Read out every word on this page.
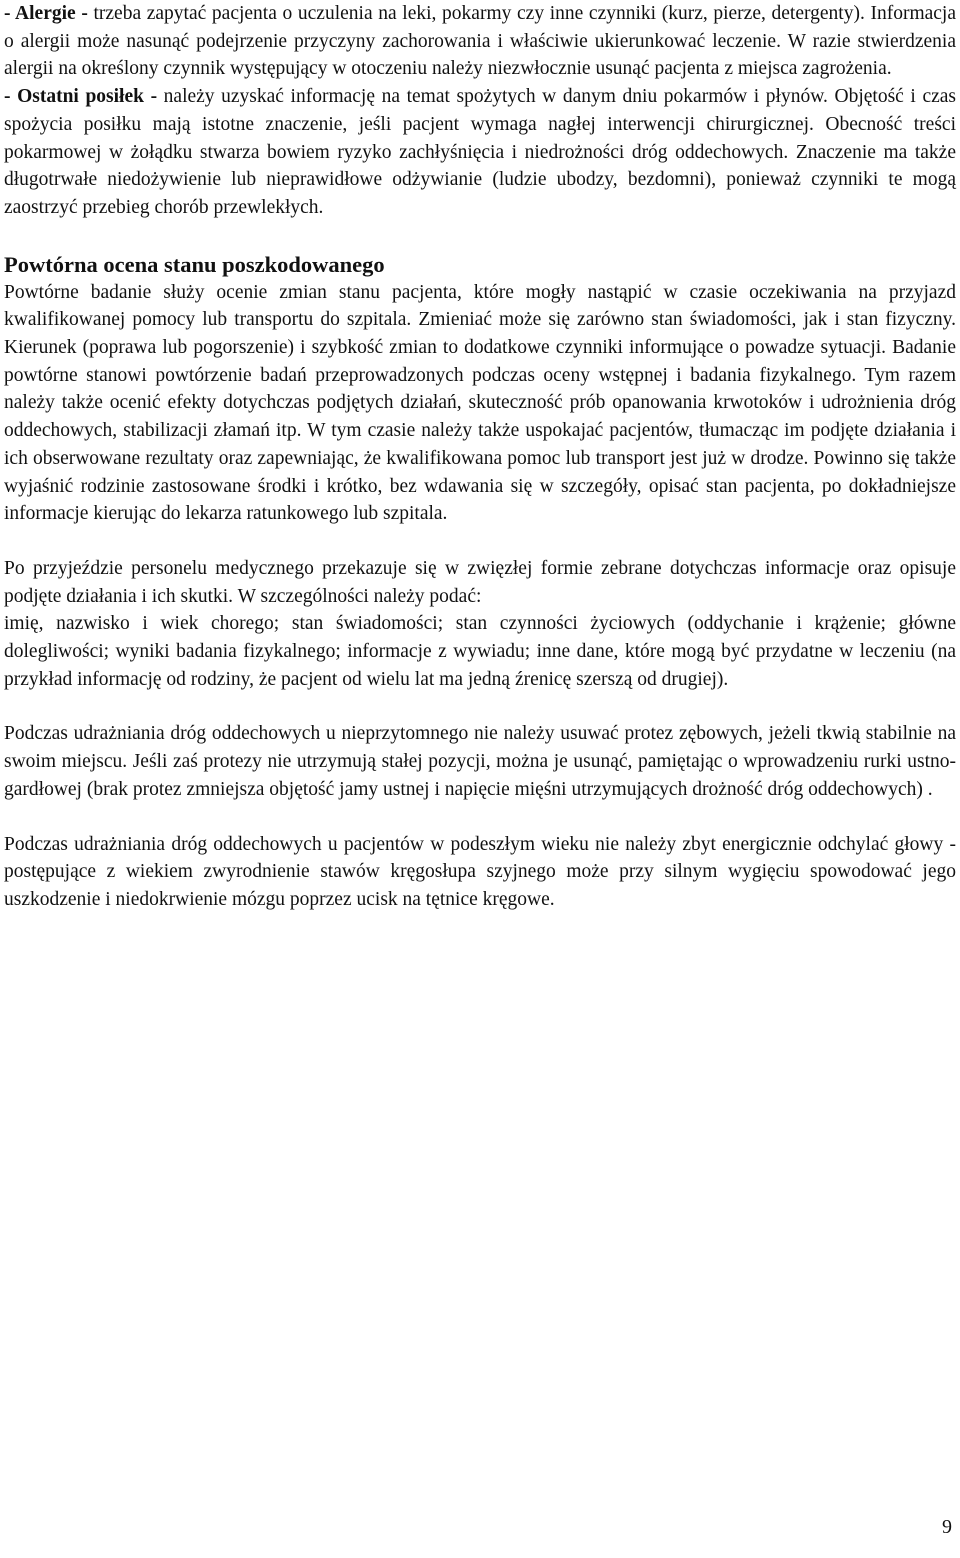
- Alergie - trzeba zapytać pacjenta o uczulenia na leki, pokarmy czy inne czynniki (kurz, pierze, detergenty). Informacja o alergii może nasunąć podejrzenie przyczyny zachorowania i właściwie ukierunkować leczenie. W razie stwierdzenia alergii na określony czynnik występujący w otoczeniu należy niezwłocznie usunąć pacjenta z miejsca zagrożenia.

- Ostatni posiłek - należy uzyskać informację na temat spożytych w danym dniu pokarmów i płynów. Objętość i czas spożycia posiłku mają istotne znaczenie, jeśli pacjent wymaga nagłej interwencji chirurgicznej. Obecność treści pokarmowej w żołądku stwarza bowiem ryzyko zachłyśnięcia i niedrożności dróg oddechowych. Znaczenie ma także długotrwałe niedożywienie lub nieprawidłowe odżywianie (ludzie ubodzy, bezdomni), ponieważ czynniki te mogą zaostrzyć przebieg chorób przewlekłych.

Powtórna ocena stanu poszkodowanego

Powtórne badanie służy ocenie zmian stanu pacjenta, które mogły nastąpić w czasie oczekiwania na przyjazd kwalifikowanej pomocy lub transportu do szpitala. Zmieniać może się zarówno stan świadomości, jak i stan fizyczny. Kierunek (poprawa lub pogorszenie) i szybkość zmian to dodatkowe czynniki informujące o powadze sytuacji. Badanie powtórne stanowi powtórzenie badań przeprowadzonych podczas oceny wstępnej i badania fizykalnego. Tym razem należy także ocenić efekty dotychczas podjętych działań, skuteczność prób opanowania krwotoków i udrożnienia dróg oddechowych, stabilizacji złamań itp. W tym czasie należy także uspokajać pacjentów, tłumacząc im podjęte działania i ich obserwowane rezultaty oraz zapewniając, że kwalifikowana pomoc lub transport jest już w drodze. Powinno się także wyjaśnić rodzinie zastosowane środki i krótko, bez wdawania się w szczegóły, opisać stan pacjenta, po dokładniejsze informacje kierując do lekarza ratunkowego lub szpitala.

Po przyjeździe personelu medycznego przekazuje się w zwięzłej formie zebrane dotychczas informacje oraz opisuje podjęte działania i ich skutki. W szczególności należy podać:

imię, nazwisko i wiek chorego; stan świadomości; stan czynności życiowych (oddychanie i krążenie; główne dolegliwości; wyniki badania fizykalnego; informacje z wywiadu; inne dane, które mogą być przydatne w leczeniu (na przykład informację od rodziny, że pacjent od wielu lat ma jedną źrenicę szerszą od drugiej).

Podczas udrażniania dróg oddechowych u nieprzytomnego nie należy usuwać protez zębowych, jeżeli tkwią stabilnie na swoim miejscu. Jeśli zaś protezy nie utrzymują stałej pozycji, można je usunąć, pamiętając o wprowadzeniu rurki ustno-gardłowej (brak protez zmniejsza objętość jamy ustnej i napięcie mięśni utrzymujących drożność dróg oddechowych) .

Podczas udrażniania dróg oddechowych u pacjentów w podeszłym wieku nie należy zbyt energicznie odchylać głowy - postępujące z wiekiem zwyrodnienie stawów kręgosłupa szyjnego może przy silnym wygięciu spowodować jego uszkodzenie i niedokrwienie mózgu poprzez ucisk na tętnice kręgowe.

9
